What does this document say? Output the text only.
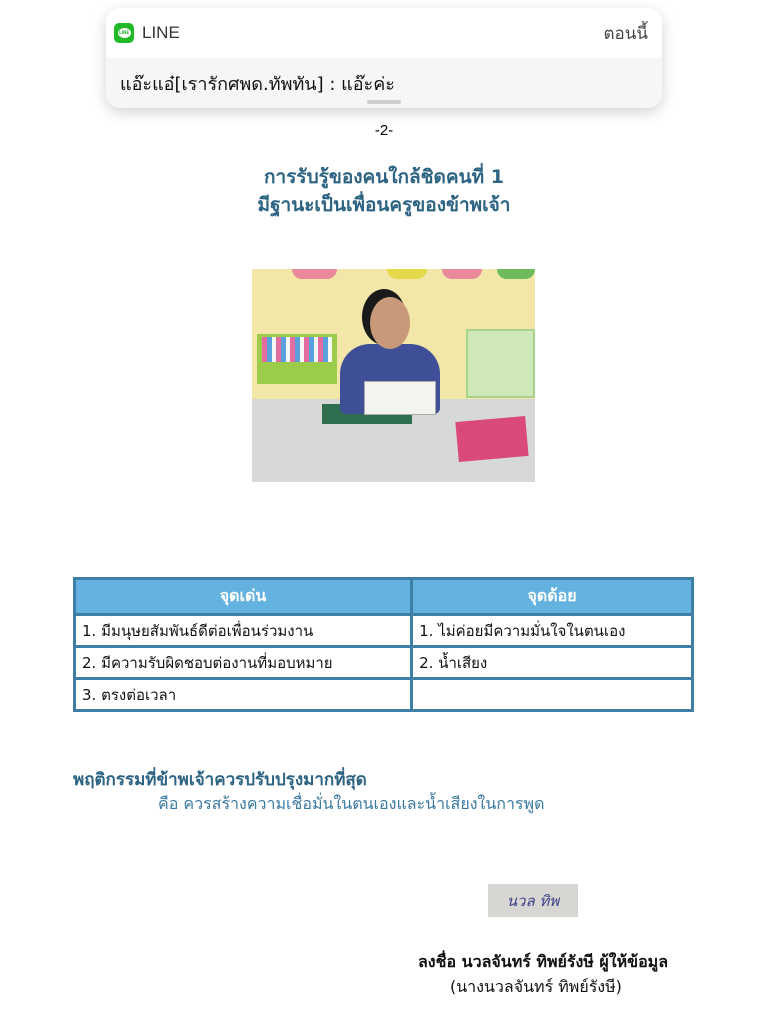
LINE LINE	ตอนนี้
แอ๊ะแอ๋[เรารักศพด.ทัพทัน] : แอ๊ะค่ะ
-2-
การรับรู้ของคนใกล้ชิดคนที่ 1
มีฐานะเป็นเพื่อนครูของข้าพเจ้า
จุดเด่น	จุดด้อย
1. มีมนุษยสัมพันธ์ดีต่อเพื่อนร่วมงาน	1. ไม่ค่อยมีความมั่นใจในตนเอง
2. มีความรับผิดชอบต่องานที่มอบหมาย	2. น้ำเสียง
3. ตรงต่อเวลา	
พฤติกรรมที่ข้าพเจ้าควรปรับปรุงมากที่สุด
คือ ควรสร้างความเชื่อมั่นในตนเองและน้ำเสียงในการพูด
นวล ทิพ
ลงชื่อ นวลจันทร์ ทิพย์รังษี ผู้ให้ข้อมูล
(นางนวลจันทร์ ทิพย์รังษี)
